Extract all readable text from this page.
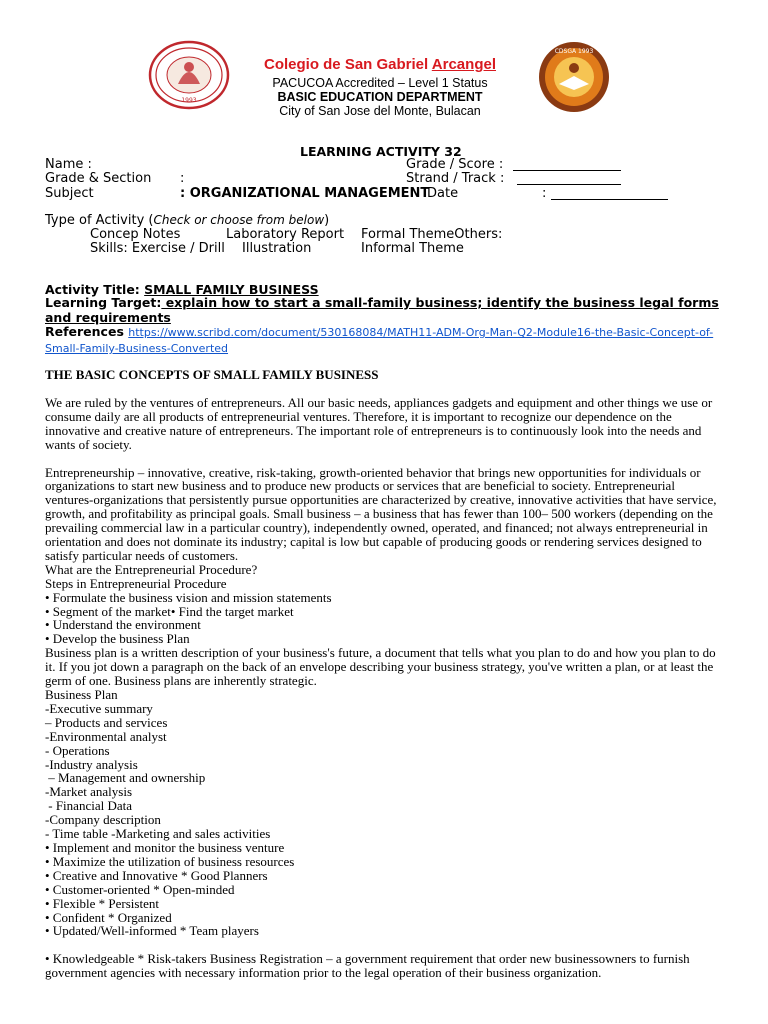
1993
CDSGA 1993
Colegio de San Gabriel Arcangel
PACUCOA Accredited – Level 1 Status
BASIC EDUCATION DEPARTMENT
City of San Jose del Monte, Bulacan
LEARNING ACTIVITY 32
Name :	Grade / Score :
Grade & Section :	Strand / Track :
Subject	: ORGANIZATIONAL MANAGEMENT
Date	:
Type of Activity (Check or choose from below)
Concep Notes	Laboratory Report Formal ThemeOthers:
Skills: Exercise / Drill Illustration	Informal Theme
Activity Title: SMALL FAMILY BUSINESS
Learning Target: explain how to start a small-family business; identify the business legal forms and requirements
References https://www.scribd.com/document/530168084/MATH11-ADM-Org-Man-Q2-Module16-the-Basic-Concept-of-Small-Family-Business-Converted
THE BASIC CONCEPTS OF SMALL FAMILY BUSINESS

We are ruled by the ventures of entrepreneurs. All our basic needs, appliances gadgets and equipment and other things we use or consume daily are all products of entrepreneurial ventures. Therefore, it is important to recognize our dependence on the innovative and creative nature of entrepreneurs. The important role of entrepreneurs is to continuously look into the needs and wants of society.

Entrepreneurship – innovative, creative, risk-taking, growth-oriented behavior that brings new opportunities for individuals or organizations to start new business and to produce new products or services that are beneficial to society. Entrepreneurial ventures-organizations that persistently pursue opportunities are characterized by creative, innovative activities that have service, growth, and profitability as principal goals. Small business – a business that has fewer than 100– 500 workers (depending on the prevailing commercial law in a particular country), independently owned, operated, and financed; not always entrepreneurial in orientation and does not dominate its industry; capital is low but capable of producing goods or rendering services designed to satisfy particular needs of customers.

What are the Entrepreneurial Procedure?
Steps in Entrepreneurial Procedure
• Formulate the business vision and mission statements
• Segment of the market• Find the target market
• Understand the environment
• Develop the business Plan

Business plan is a written description of your business's future, a document that tells what you plan to do and how you plan to do it. If you jot down a paragraph on the back of an envelope describing your business strategy, you've written a plan, or at least the germ of one. Business plans are inherently strategic.

Business Plan
-Executive summary
– Products and services
-Environmental analyst
- Operations
-Industry analysis
– Management and ownership
-Market analysis
- Financial Data
-Company description
- Time table -Marketing and sales activities
• Implement and monitor the business venture
• Maximize the utilization of business resources
• Creative and Innovative * Good Planners
• Customer-oriented * Open-minded
• Flexible * Persistent
• Confident * Organized
• Updated/Well-informed * Team players

• Knowledgeable * Risk-takers Business Registration – a government requirement that order new businessowners to furnish government agencies with necessary information prior to the legal operation of their business organization.
